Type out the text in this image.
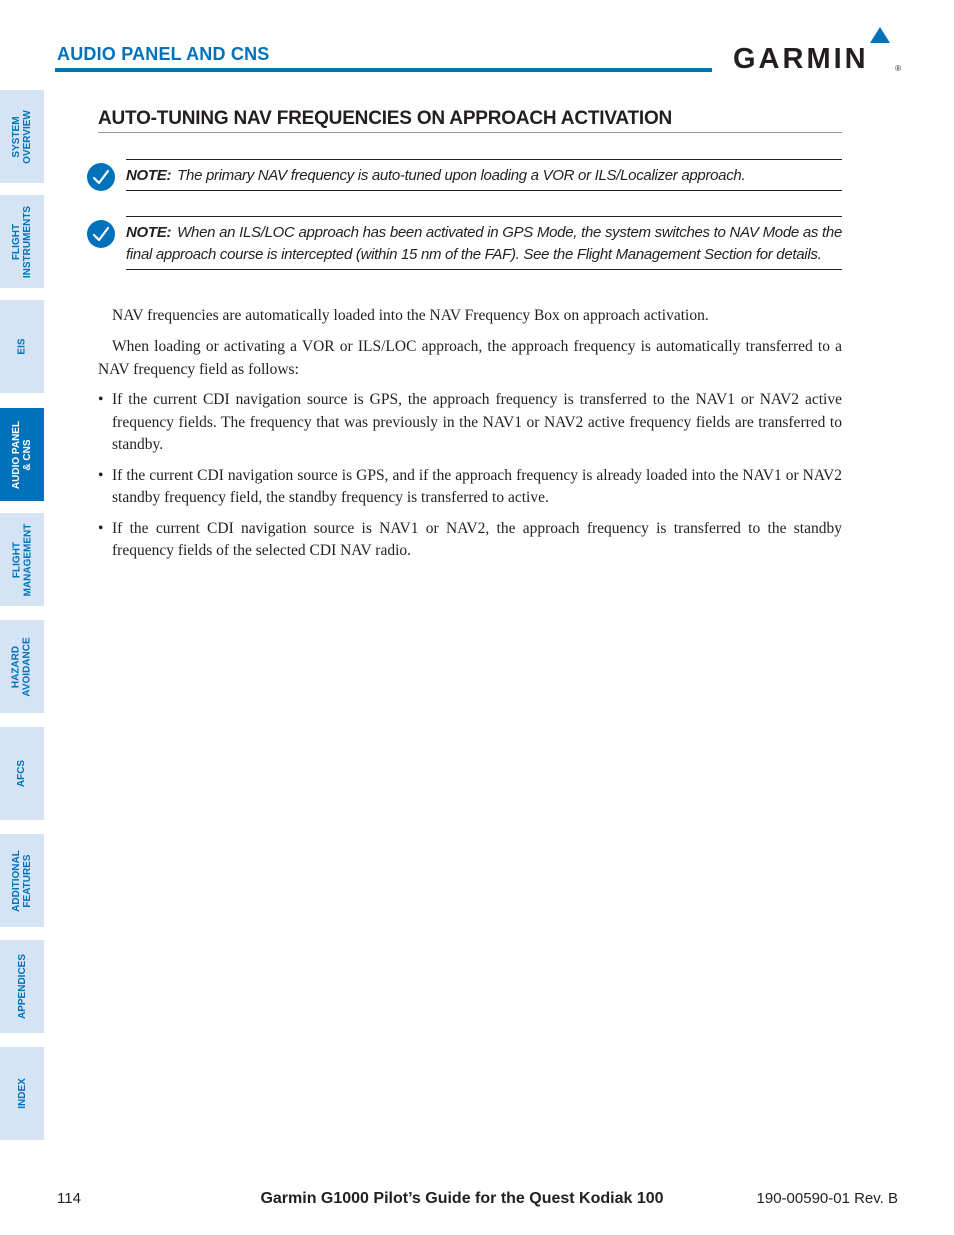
AUDIO PANEL AND CNS	GARMIN	®
SYSTEM
OVERVIEW
FLIGHT
INSTRUMENTS
EIS
AUDIO PANEL
& CNS
FLIGHT
MANAGEMENT
HAZARD
AVOIDANCE
AFCS
ADDITIONAL
FEATURES
APPENDICES
INDEX
AUTO-TUNING NAV FREQUENCIES ON APPROACH ACTIVATION
NOTE: The primary NAV frequency is auto-tuned upon loading a VOR or ILS/Localizer approach.
NOTE: When an ILS/LOC approach has been activated in GPS Mode, the system switches to NAV Mode as the final approach course is intercepted (within 15 nm of the FAF). See the Flight Management Section for details.
NAV frequencies are automatically loaded into the NAV Frequency Box on approach activation.
When loading or activating a VOR or ILS/LOC approach, the approach frequency is automatically transferred to a NAV frequency field as follows:
• If the current CDI navigation source is GPS, the approach frequency is transferred to the NAV1 or NAV2 active frequency fields. The frequency that was previously in the NAV1 or NAV2 active frequency fields are transferred to standby.
• If the current CDI navigation source is GPS, and if the approach frequency is already loaded into the NAV1 or NAV2 standby frequency field, the standby frequency is transferred to active.
• If the current CDI navigation source is NAV1 or NAV2, the approach frequency is transferred to the standby frequency fields of the selected CDI NAV radio.
114	Garmin G1000 Pilot’s Guide for the Quest Kodiak 100	190-00590-01 Rev. B
